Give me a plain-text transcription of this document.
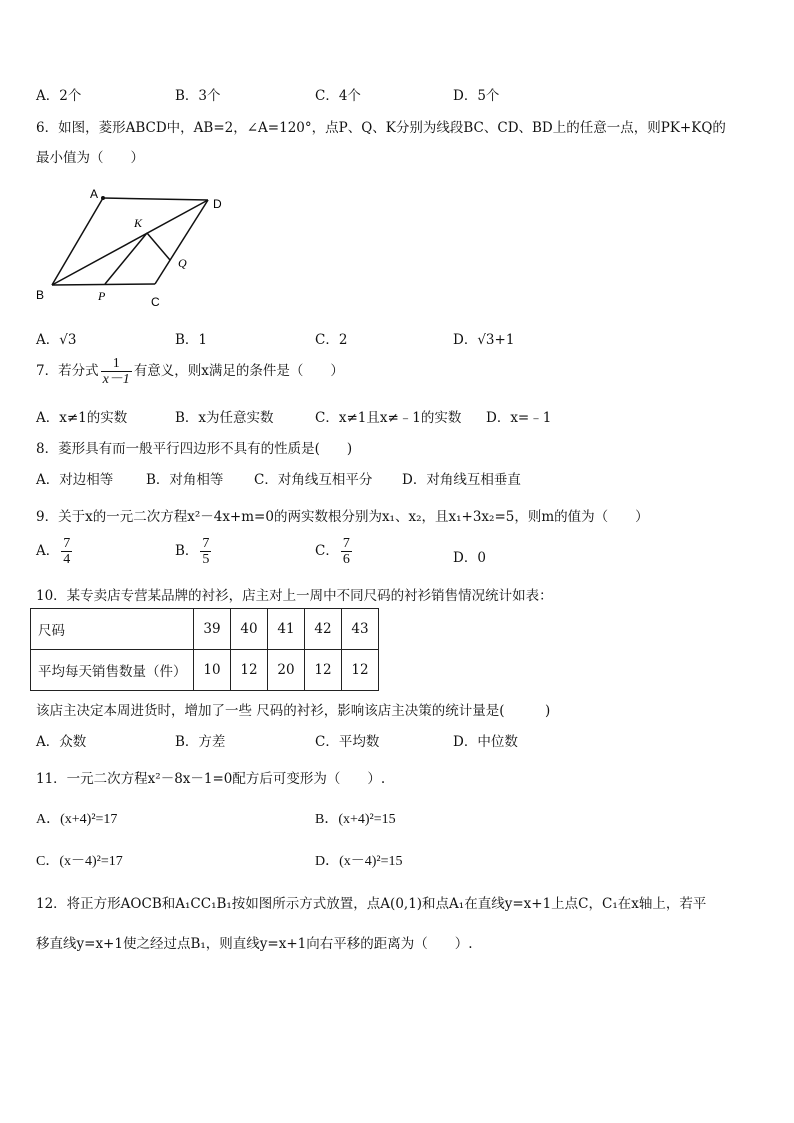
A．2个	B．3个	C．4个	D．5个
6．如图，菱形ABCD中，AB=2，∠A=120°，点P、Q、K分别为线段BC、CD、BD上的任意一点，则PK+KQ的
最小值为（　　）
A
B	C
D
K
P
Q
A．√3	B．1	C．2	D．√3+1
7．若分式 $\frac{1}{x-1}$ 有意义，则x满足的条件是（　　）
A．x≠1的实数	B．x为任意实数	C．x≠1且x≠﹣1的实数 D．x=﹣1
8．菱形具有而一般平行四边形不具有的性质是(　　)
A．对边相等 B．对角相等 C．对角线互相平分 D．对角线互相垂直
9．关于x的一元二次方程x²－4x+m=0的两实数根分别为x₁、x₂，且x₁+3x₂=5，则m的值为（　　）
A． $\frac{7}{4}$	B． $\frac{7}{5}$	C． $\frac{7}{6}$	D．0
10．某专卖店专营某品牌的衬衫，店主对上一周中不同尺码的衬衫销售情况统计如表：
尺码	39	40	41	42	43
平均每天销售数量（件）	10	12	20	12	12
该店主决定本周进货时，增加了一些 尺码的衬衫，影响该店主决策的统计量是(　　　)
A．众数	B．方差	C．平均数	D．中位数
11．一元二次方程x²－8x－1=0配方后可变形为（　　）.
A．(x+4)²=17	B．(x+4)²=15
C．(x－4)²=17	D．(x－4)²=15
12．将正方形AOCB和A₁CC₁B₁按如图所示方式放置，点A(0,1)和点A₁在直线y=x+1上点C，C₁在x轴上，若平
移直线y=x+1使之经过点B₁，则直线y=x+1向右平移的距离为（　　）.
